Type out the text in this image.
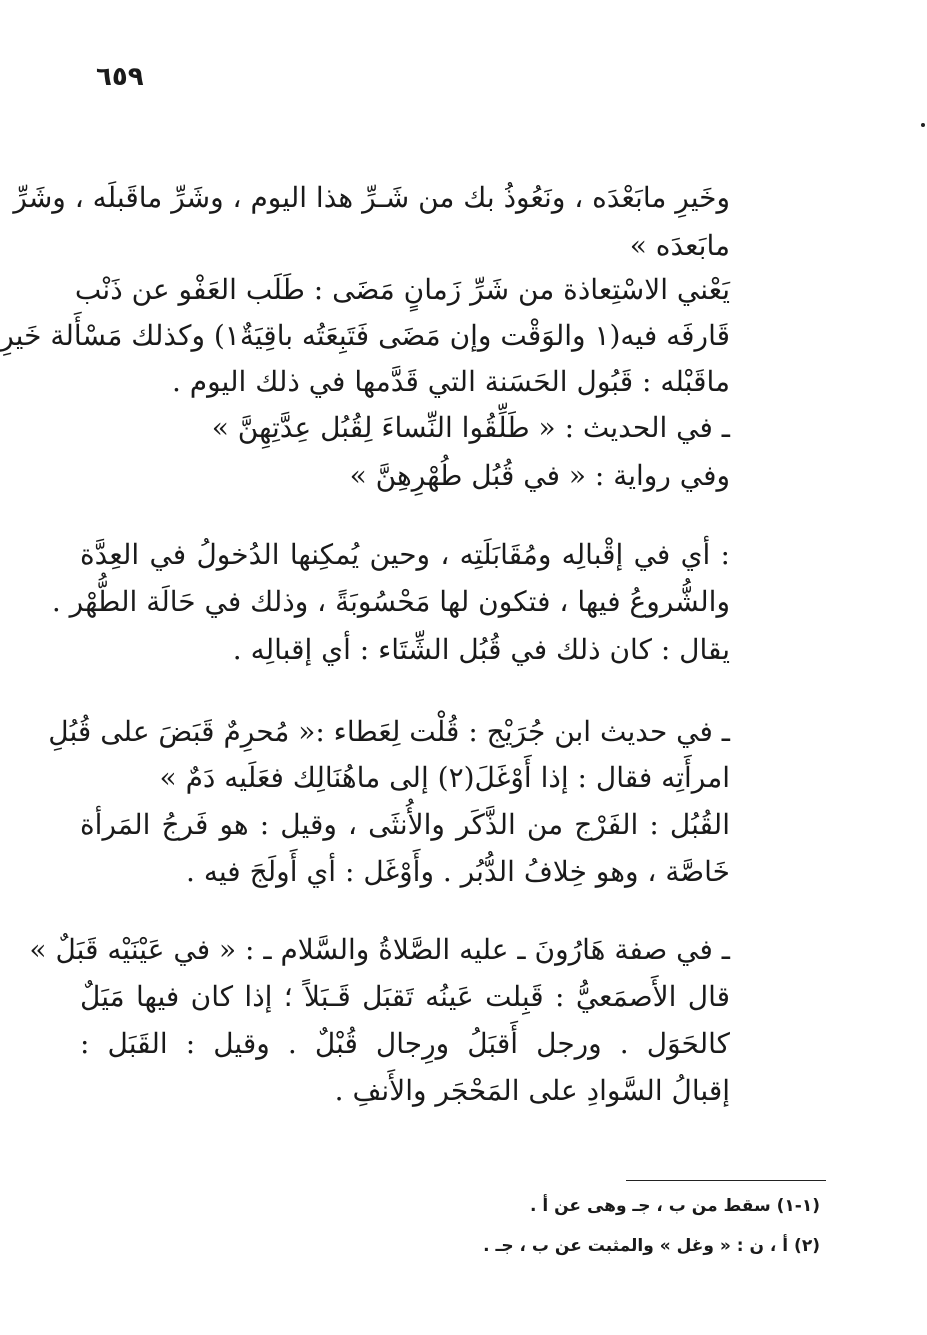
٦٥٩
وخَيرِ مابَعْدَه ، ونَعُوذُ بك من شَـرِّ هذا اليوم ، وشَرِّ ماقَبلَه ، وشَرِّ
مابَعدَه »
يَعْني الاسْتِعاذة من شَرِّ زَمانٍ مَضَى : طَلَب العَفْو عن ذَنْب
قَارفَه فيه(١ والوَقْت وإن مَضَى فَتَبِعَتُه باقِيَةٌ١) وكذلك مَسْأَلة خَيرِ
ماقَبْله : قَبُول الحَسَنة التي قَدَّمها في ذلك اليوم .
ـ في الحديث : « طَلِّقُوا النِّساءَ لِقُبُل عِدَّتِهِنَّ »
وفي رواية : « في قُبُل طُهْرِهِنَّ »
: أي في إقْبالِه ومُقَابَلَتِه ، وحين يُمكِنها الدُخولُ في العِدَّة
والشُّروعُ فيها ، فتكون لها مَحْسُوبَةً ، وذلك في حَالَة الطُّهْر .
يقال : كان ذلك في قُبُل الشِّتَاء : أي إقبالِه .
ـ في حديث ابن جُرَيْج : قُلْت لِعَطاء :« مُحرِمٌ قَبَضَ على قُبُلِ
امرأَتِه فقال : إذا أَوْغَلَ(٢) إلى ماهُنَالِك فعَلَيه دَمٌ »
القُبُل : الفَرْج من الذَّكَر والأُنثَى ، وقيل : هو فَرجُ المَرأة
خَاصَّة ، وهو خِلافُ الدُّبُر . وأَوْغَل : أي أَولَجَ فيه .
ـ في صفة هَارُونَ ـ عليه الصَّلاةُ والسَّلام ـ : « في عَيْنَيْه قَبَلٌ »
قال الأَصمَعيُّ : قَبِلت عَينُه تَقبَل قَـبَلاً ؛ إذا كان فيها مَيَلٌ
كالحَوَل . ورجل أَقبَلُ ورِجال قُبْلٌ . وقيل : القَبَل :
إقبالُ السَّوادِ على المَحْجَر والأَنفِ .
(١-١) سقط من ب ، جـ وهى عن أ .
(٢) أ ، ن : « وغل » والمثبت عن ب ، جـ .
